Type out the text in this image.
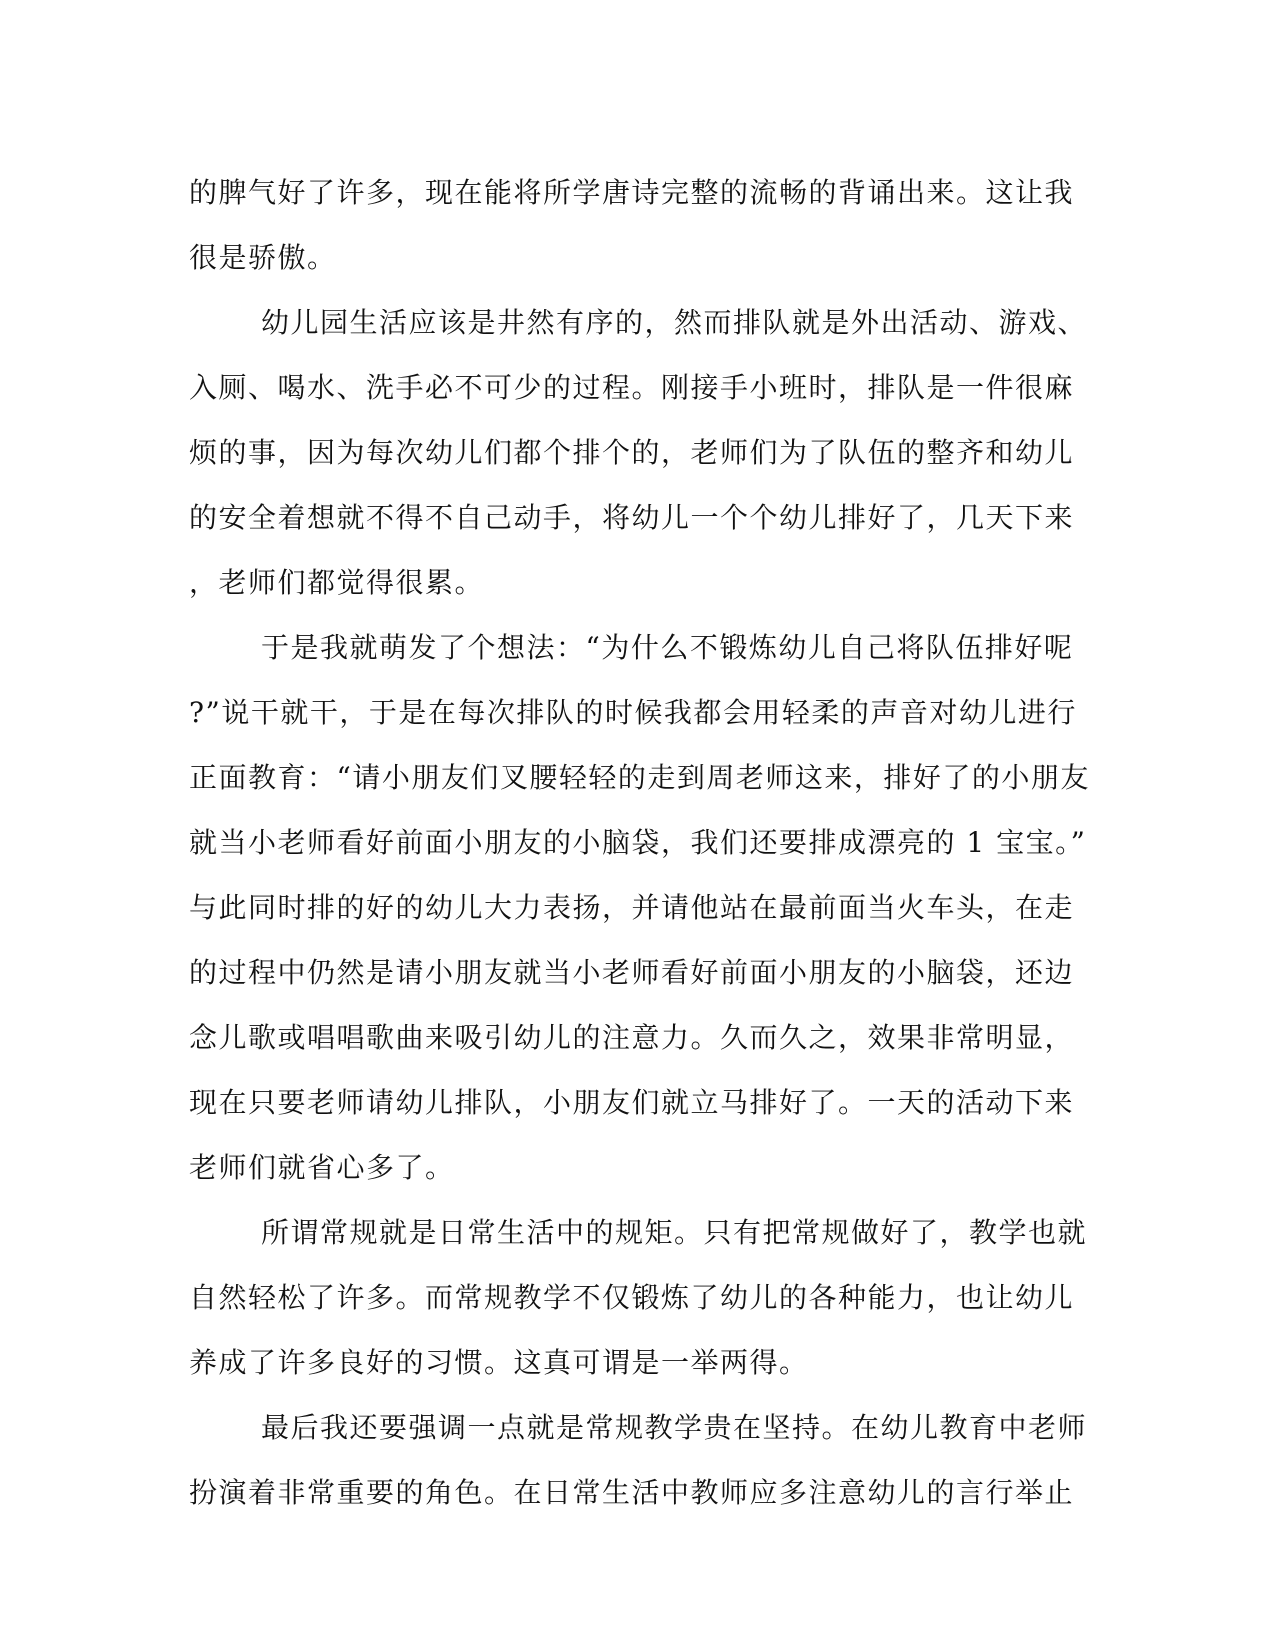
的脾气好了许多，现在能将所学唐诗完整的流畅的背诵出来。这让我
很是骄傲。
幼儿园生活应该是井然有序的，然而排队就是外出活动、游戏、
入厕、喝水、洗手必不可少的过程。刚接手小班时，排队是一件很麻
烦的事，因为每次幼儿们都个排个的，老师们为了队伍的整齐和幼儿
的安全着想就不得不自己动手，将幼儿一个个幼儿排好了，几天下来
，老师们都觉得很累。
于是我就萌发了个想法：“为什么不锻炼幼儿自己将队伍排好呢
?”说干就干，于是在每次排队的时候我都会用轻柔的声音对幼儿进行
正面教育：“请小朋友们叉腰轻轻的走到周老师这来，排好了的小朋友
就当小老师看好前面小朋友的小脑袋，我们还要排成漂亮的 1 宝宝。”
与此同时排的好的幼儿大力表扬，并请他站在最前面当火车头，在走
的过程中仍然是请小朋友就当小老师看好前面小朋友的小脑袋，还边
念儿歌或唱唱歌曲来吸引幼儿的注意力。久而久之，效果非常明显，
现在只要老师请幼儿排队，小朋友们就立马排好了。一天的活动下来
老师们就省心多了。
所谓常规就是日常生活中的规矩。只有把常规做好了，教学也就
自然轻松了许多。而常规教学不仅锻炼了幼儿的各种能力，也让幼儿
养成了许多良好的习惯。这真可谓是一举两得。
最后我还要强调一点就是常规教学贵在坚持。在幼儿教育中老师
扮演着非常重要的角色。在日常生活中教师应多注意幼儿的言行举止
